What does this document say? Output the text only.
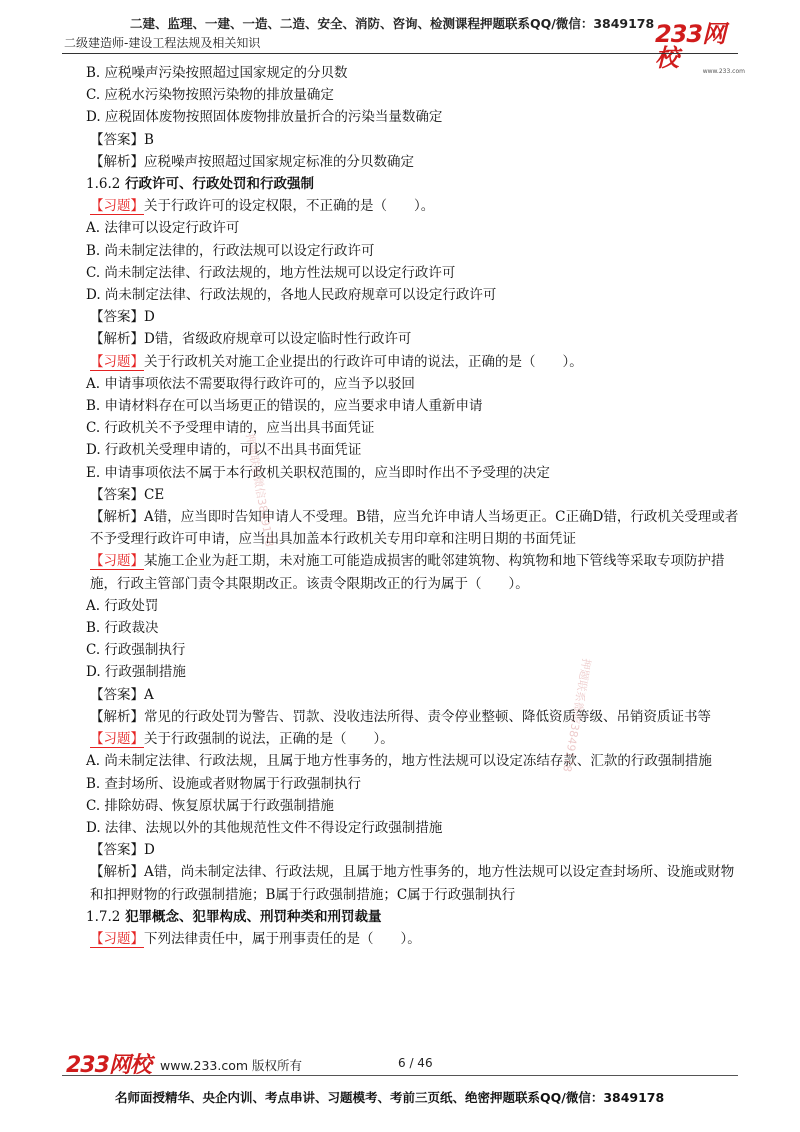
二建、监理、一建、一造、二造、安全、消防、咨询、检测课程押题联系QQ/微信：3849178
二级建造师-建设工程法规及相关知识	233网校	www.233.com
B. 应税噪声污染按照超过国家规定的分贝数
C. 应税水污染物按照污染物的排放量确定
D. 应税固体废物按照固体废物排放量折合的污染当量数确定
【答案】B
【解析】应税噪声按照超过国家规定标准的分贝数确定
1.6.2 行政许可、行政处罚和行政强制
【习题】关于行政许可的设定权限，不正确的是（　　）。
A. 法律可以设定行政许可
B. 尚未制定法律的，行政法规可以设定行政许可
C. 尚未制定法律、行政法规的，地方性法规可以设定行政许可
D. 尚未制定法律、行政法规的，各地人民政府规章可以设定行政许可
【答案】D
【解析】D错，省级政府规章可以设定临时性行政许可
【习题】关于行政机关对施工企业提出的行政许可申请的说法，正确的是（　　）。
A. 申请事项依法不需要取得行政许可的，应当予以驳回
B. 申请材料存在可以当场更正的错误的，应当要求申请人重新申请
C. 行政机关不予受理申请的，应当出具书面凭证
D. 行政机关受理申请的，可以不出具书面凭证
E. 申请事项依法不属于本行政机关职权范围的，应当即时作出不予受理的决定
【答案】CE
【解析】A错，应当即时告知申请人不受理。B错，应当允许申请人当场更正。C正确D错，行政机关受理或者不予受理行政许可申请，应当出具加盖本行政机关专用印章和注明日期的书面凭证
【习题】某施工企业为赶工期，未对施工可能造成损害的毗邻建筑物、构筑物和地下管线等采取专项防护措施，行政主管部门责令其限期改正。该责令限期改正的行为属于（　　）。
A. 行政处罚
B. 行政裁决
C. 行政强制执行
D. 行政强制措施
【答案】A
【解析】常见的行政处罚为警告、罚款、没收违法所得、责令停业整顿、降低资质等级、吊销资质证书等
【习题】关于行政强制的说法，正确的是（　　）。
A. 尚未制定法律、行政法规，且属于地方性事务的，地方性法规可以设定冻结存款、汇款的行政强制措施
B. 查封场所、设施或者财物属于行政强制执行
C. 排除妨碍、恢复原状属于行政强制措施
D. 法律、法规以外的其他规范性文件不得设定行政强制措施
【答案】D
【解析】A错，尚未制定法律、行政法规，且属于地方性事务的，地方性法规可以设定查封场所、设施或财物和扣押财物的行政强制措施；B属于行政强制措施；C属于行政强制执行
1.7.2 犯罪概念、犯罪构成、刑罚种类和刑罚裁量
【习题】下列法律责任中，属于刑事责任的是（　　）。
押题联系微信3849178
押题联系微信3849178
233网校 www.233.com 版权所有	6 / 46
名师面授精华、央企内训、考点串讲、习题模考、考前三页纸、绝密押题联系QQ/微信：3849178
